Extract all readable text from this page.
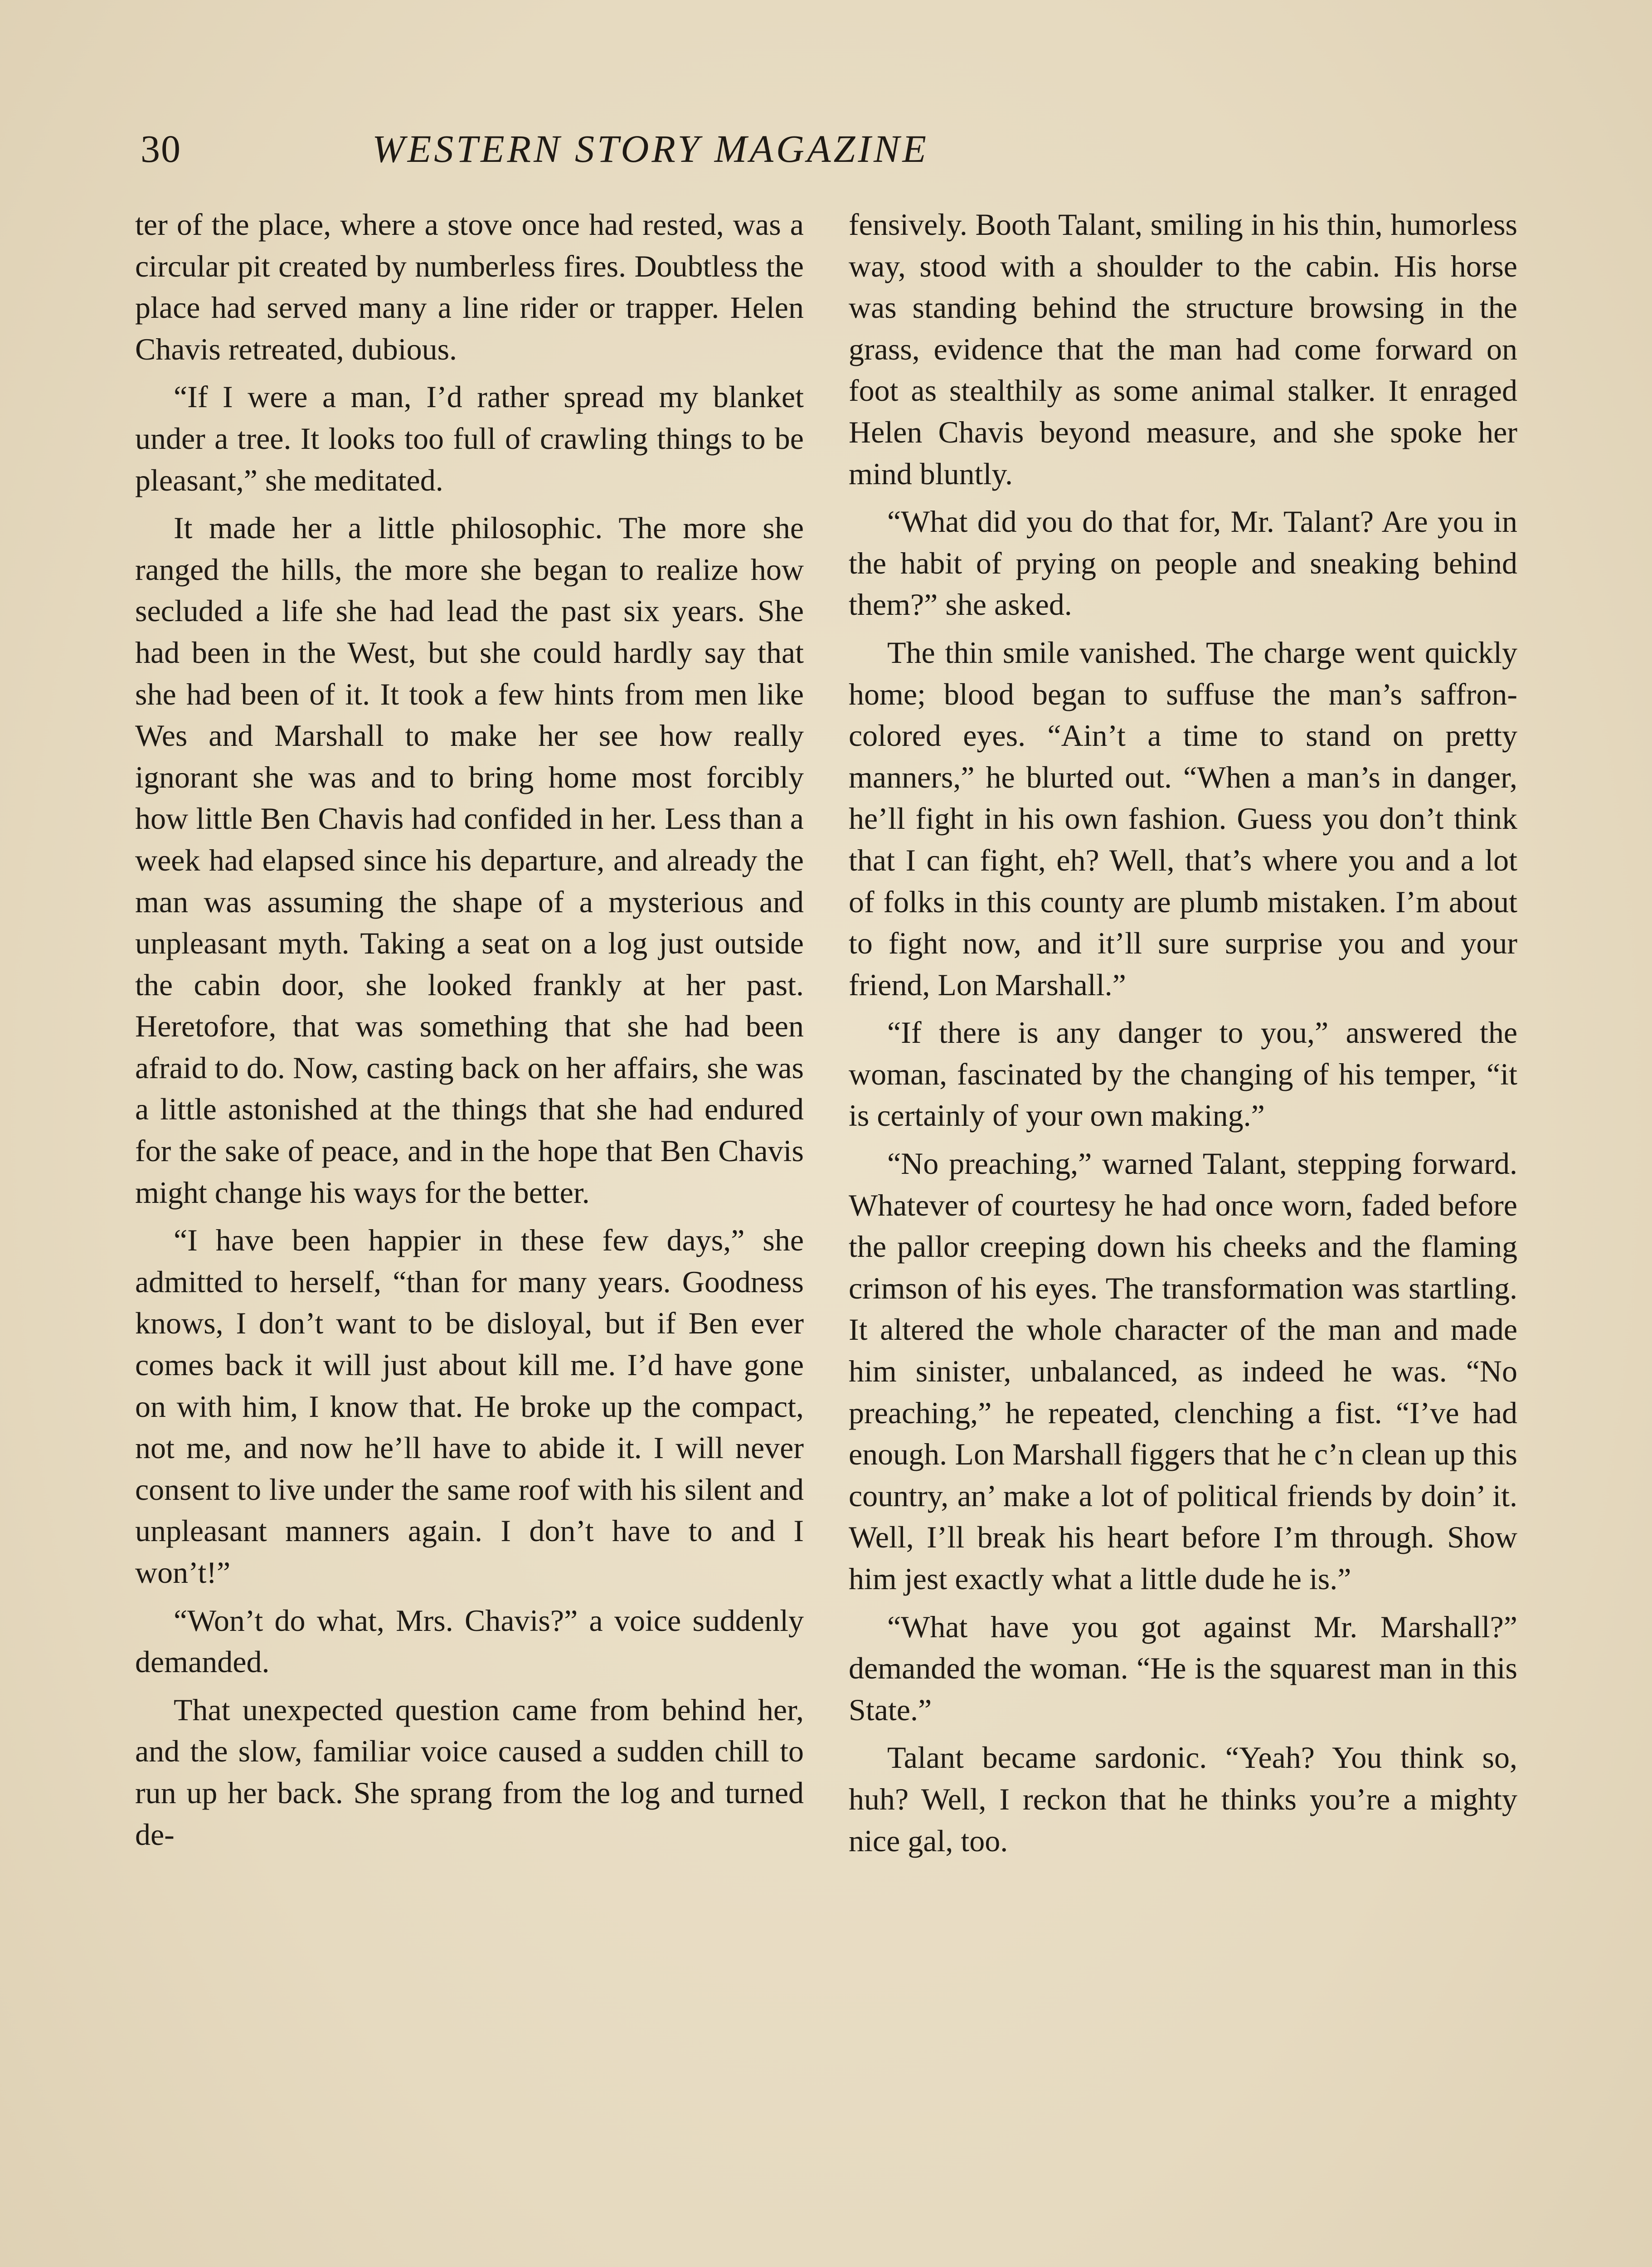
30	WESTERN STORY MAGAZINE

ter of the place, where a stove once had rested, was a circular pit created by numberless fires. Doubtless the place had served many a line rider or trapper. Helen Chavis retreated, dubious.

“If I were a man, I’d rather spread my blanket under a tree. It looks too full of crawling things to be pleasant,” she meditated.

It made her a little philosophic. The more she ranged the hills, the more she began to realize how secluded a life she had lead the past six years. She had been in the West, but she could hardly say that she had been of it. It took a few hints from men like Wes and Marshall to make her see how really ignorant she was and to bring home most forcibly how little Ben Chavis had confided in her. Less than a week had elapsed since his departure, and already the man was assuming the shape of a mysterious and unpleasant myth. Taking a seat on a log just outside the cabin door, she looked frankly at her past. Heretofore, that was something that she had been afraid to do. Now, casting back on her affairs, she was a little astonished at the things that she had endured for the sake of peace, and in the hope that Ben Chavis might change his ways for the better.

“I have been happier in these few days,” she admitted to herself, “than for many years. Goodness knows, I don’t want to be disloyal, but if Ben ever comes back it will just about kill me. I’d have gone on with him, I know that. He broke up the compact, not me, and now he’ll have to abide it. I will never consent to live under the same roof with his silent and unpleasant manners again. I don’t have to and I won’t!”

“Won’t do what, Mrs. Chavis?” a voice suddenly demanded.

That unexpected question came from behind her, and the slow, familiar voice caused a sudden chill to run up her back. She sprang from the log and turned de-

fensively. Booth Talant, smiling in his thin, humorless way, stood with a shoulder to the cabin. His horse was standing behind the structure browsing in the grass, evidence that the man had come forward on foot as stealthily as some animal stalker. It enraged Helen Chavis beyond measure, and she spoke her mind bluntly.

“What did you do that for, Mr. Talant? Are you in the habit of prying on people and sneaking behind them?” she asked.

The thin smile vanished. The charge went quickly home; blood began to suffuse the man’s saffron-colored eyes. “Ain’t a time to stand on pretty manners,” he blurted out. “When a man’s in danger, he’ll fight in his own fashion. Guess you don’t think that I can fight, eh? Well, that’s where you and a lot of folks in this county are plumb mistaken. I’m about to fight now, and it’ll sure surprise you and your friend, Lon Marshall.”

“If there is any danger to you,” answered the woman, fascinated by the changing of his temper, “it is certainly of your own making.”

“No preaching,” warned Talant, stepping forward. Whatever of courtesy he had once worn, faded before the pallor creeping down his cheeks and the flaming crimson of his eyes. The transformation was startling. It altered the whole character of the man and made him sinister, unbalanced, as indeed he was. “No preaching,” he repeated, clenching a fist. “I’ve had enough. Lon Marshall figgers that he c’n clean up this country, an’ make a lot of political friends by doin’ it. Well, I’ll break his heart before I’m through. Show him jest exactly what a little dude he is.”

“What have you got against Mr. Marshall?” demanded the woman. “He is the squarest man in this State.”

Talant became sardonic. “Yeah? You think so, huh? Well, I reckon that he thinks you’re a mighty nice gal, too.
